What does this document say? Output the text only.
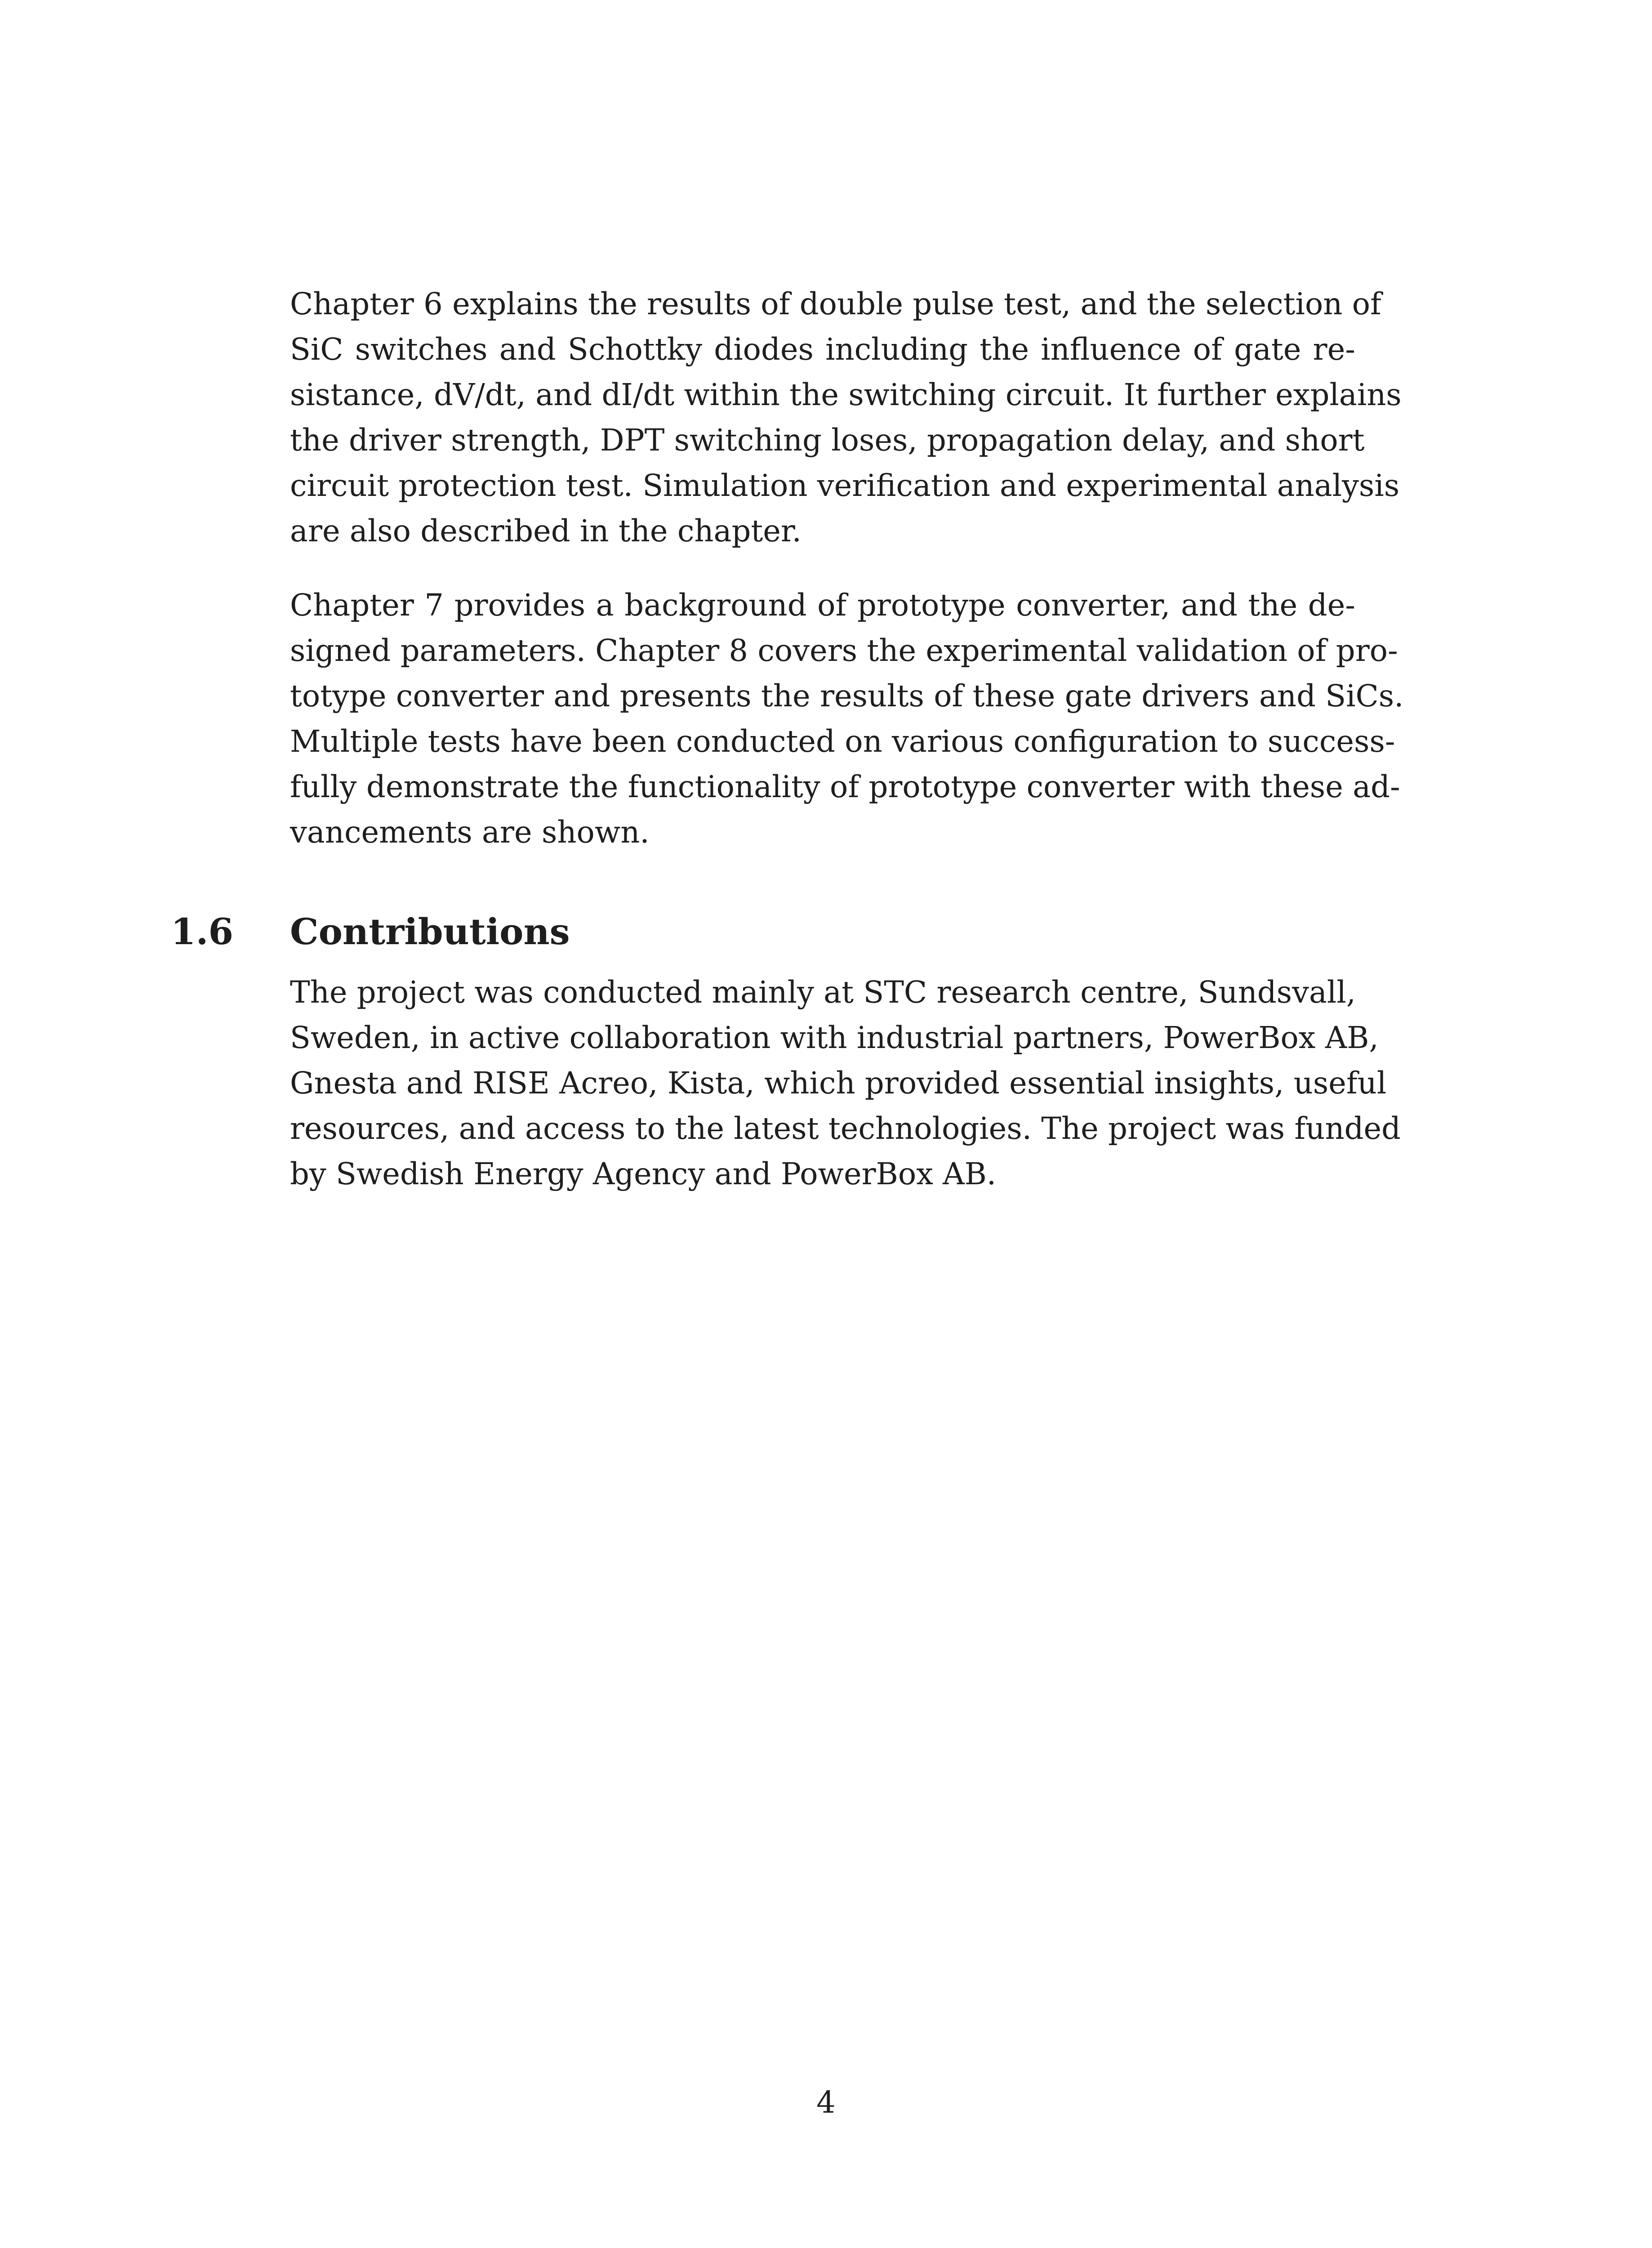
Chapter 6 explains the results of double pulse test, and the selection of
SiC switches and Schottky diodes including the influence of gate re-
sistance, dV/dt, and dI/dt within the switching circuit. It further explains
the driver strength, DPT switching loses, propagation delay, and short
circuit protection test. Simulation verification and experimental analysis
are also described in the chapter.

Chapter 7 provides a background of prototype converter, and the de-
signed parameters. Chapter 8 covers the experimental validation of pro-
totype converter and presents the results of these gate drivers and SiCs.
Multiple tests have been conducted on various configuration to success-
fully demonstrate the functionality of prototype converter with these ad-
vancements are shown.

1.6 Contributions

The project was conducted mainly at STC research centre, Sundsvall,
Sweden, in active collaboration with industrial partners, PowerBox AB,
Gnesta and RISE Acreo, Kista, which provided essential insights, useful
resources, and access to the latest technologies. The project was funded
by Swedish Energy Agency and PowerBox AB.

4
